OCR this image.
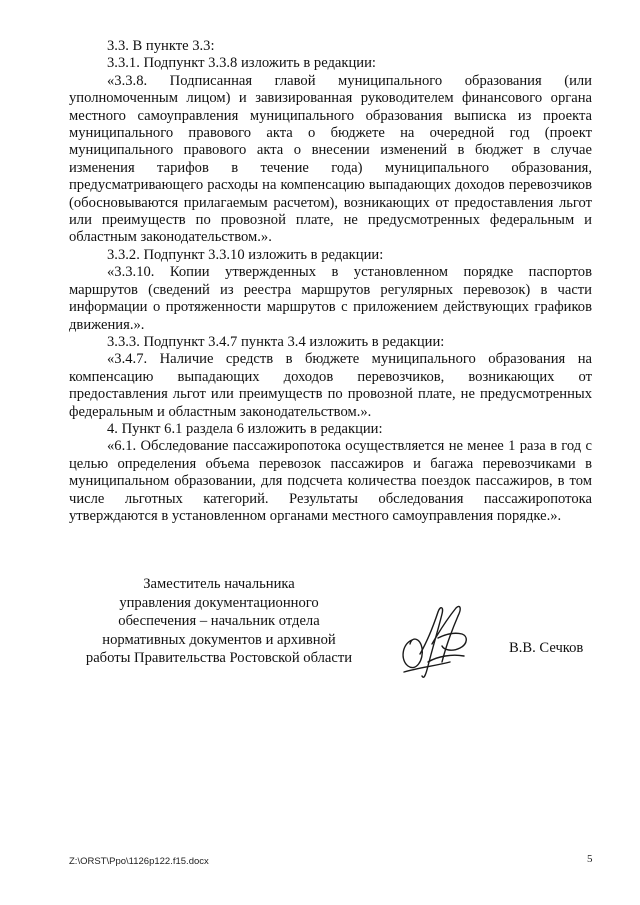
3.3. В пункте 3.3:

3.3.1. Подпункт 3.3.8 изложить в редакции:

«3.3.8. Подписанная главой муниципального образования (или уполномоченным лицом) и завизированная руководителем финансового органа местного самоуправления муниципального образования выписка из проекта муниципального правового акта о бюджете на очередной год (проект муниципального правового акта о внесении изменений в бюджет в случае изменения тарифов в течение года) муниципального образования, предусматривающего расходы на компенсацию выпадающих доходов перевозчиков (обосновываются прилагаемым расчетом), возникающих от предоставления льгот или преимуществ по провозной плате, не предусмотренных федеральным и областным законодательством.».

3.3.2. Подпункт 3.3.10 изложить в редакции:

«3.3.10. Копии утвержденных в установленном порядке паспортов маршрутов (сведений из реестра маршрутов регулярных перевозок) в части информации о протяженности маршрутов с приложением действующих графиков движения.».

3.3.3. Подпункт 3.4.7 пункта 3.4 изложить в редакции:

«3.4.7. Наличие средств в бюджете муниципального образования на компенсацию выпадающих доходов перевозчиков, возникающих от предоставления льгот или преимуществ по провозной плате, не предусмотренных федеральным и областным законодательством.».

4. Пункт 6.1 раздела 6 изложить в редакции:

«6.1. Обследование пассажиропотока осуществляется не менее 1 раза в год с целью определения объема перевозок пассажиров и багажа перевозчиками в муниципальном образовании, для подсчета количества поездок пассажиров, в том числе льготных категорий. Результаты обследования пассажиропотока утверждаются в установленном органами местного самоуправления порядке.».

Заместитель начальника
управления документационного
обеспечения – начальник отдела
нормативных документов и архивной
работы Правительства Ростовской области
В.В. Сечков
Z:\ORST\Ppo\1126p122.f15.docx	5
